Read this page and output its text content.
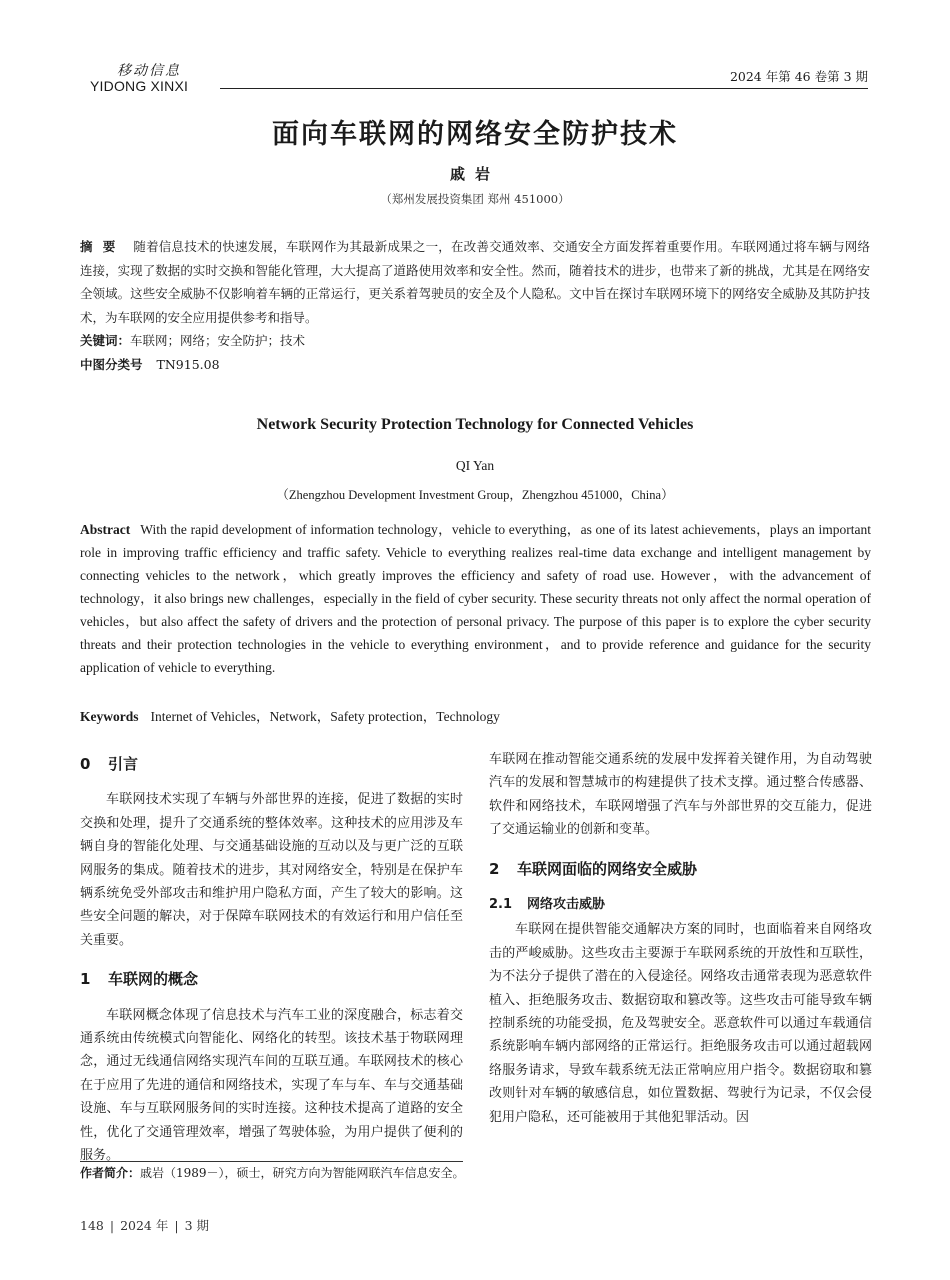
移动信息
YIDONG XINXI
2024 年第 46 卷第 3 期
面向车联网的网络安全防护技术
戚岩
（郑州发展投资集团 郑州 451000）
摘要 随着信息技术的快速发展，车联网作为其最新成果之一，在改善交通效率、交通安全方面发挥着重要作用。车联网通过将车辆与网络连接，实现了数据的实时交换和智能化管理，大大提高了道路使用效率和安全性。然而，随着技术的进步，也带来了新的挑战，尤其是在网络安全领域。这些安全威胁不仅影响着车辆的正常运行，更关系着驾驶员的安全及个人隐私。文中旨在探讨车联网环境下的网络安全威胁及其防护技术，为车联网的安全应用提供参考和指导。
关键词：车联网；网络；安全防护；技术
中图分类号 TN915.08
Network Security Protection Technology for Connected Vehicles
QI Yan
（Zhengzhou Development Investment Group，Zhengzhou 451000，China）
Abstract With the rapid development of information technology，vehicle to everything，as one of its latest achievements，plays an important role in improving traffic efficiency and traffic safety. Vehicle to everything realizes real-time data exchange and intelligent management by connecting vehicles to the network，which greatly improves the efficiency and safety of road use. However，with the advancement of technology，it also brings new challenges，especially in the field of cyber security. These security threats not only affect the normal operation of vehicles，but also affect the safety of drivers and the protection of personal privacy. The purpose of this paper is to explore the cyber security threats and their protection technologies in the vehicle to everything environment，and to provide reference and guidance for the security application of vehicle to everything.
Keywords Internet of Vehicles，Network，Safety protection，Technology
0 引言

车联网技术实现了车辆与外部世界的连接，促进了数据的实时交换和处理，提升了交通系统的整体效率。这种技术的应用涉及车辆自身的智能化处理、与交通基础设施的互动以及与更广泛的互联网服务的集成。随着技术的进步，其对网络安全，特别是在保护车辆系统免受外部攻击和维护用户隐私方面，产生了较大的影响。这些安全问题的解决，对于保障车联网技术的有效运行和用户信任至关重要。

1 车联网的概念

车联网概念体现了信息技术与汽车工业的深度融合，标志着交通系统由传统模式向智能化、网络化的转型。该技术基于物联网理念，通过无线通信网络实现汽车间的互联互通。车联网技术的核心在于应用了先进的通信和网络技术，实现了车与车、车与交通基础设施、车与互联网服务间的实时连接。这种技术提高了道路的安全性，优化了交通管理效率，增强了驾驶体验，为用户提供了便利的服务。

车联网在推动智能交通系统的发展中发挥着关键作用，为自动驾驶汽车的发展和智慧城市的构建提供了技术支撑。通过整合传感器、软件和网络技术，车联网增强了汽车与外部世界的交互能力，促进了交通运输业的创新和变革。

2 车联网面临的网络安全威胁
2.1 网络攻击威胁

车联网在提供智能交通解决方案的同时，也面临着来自网络攻击的严峻威胁。这些攻击主要源于车联网系统的开放性和互联性，为不法分子提供了潜在的入侵途径。网络攻击通常表现为恶意软件植入、拒绝服务攻击、数据窃取和篡改等。这些攻击可能导致车辆控制系统的功能受损，危及驾驶安全。恶意软件可以通过车载通信系统影响车辆内部网络的正常运行。拒绝服务攻击可以通过超载网络服务请求，导致车载系统无法正常响应用户指令。数据窃取和篡改则针对车辆的敏感信息，如位置数据、驾驶行为记录，不仅会侵犯用户隐私，还可能被用于其他犯罪活动。因

作者简介：戚岩（1989－），硕士，研究方向为智能网联汽车信息安全。
148 | 2024 年 | 3 期
